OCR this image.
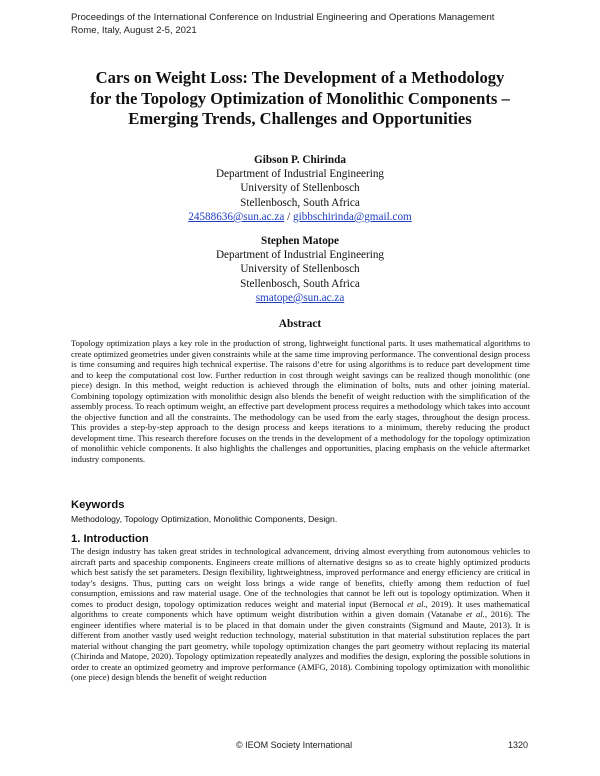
Proceedings of the International Conference on Industrial Engineering and Operations Management
Rome, Italy, August 2-5, 2021
Cars on Weight Loss: The Development of a Methodology
for the Topology Optimization of Monolithic Components –
Emerging Trends, Challenges and Opportunities
Gibson P. Chirinda
Department of Industrial Engineering
University of Stellenbosch
Stellenbosch, South Africa
24588636@sun.ac.za / gibbschirinda@gmail.com
Stephen Matope
Department of Industrial Engineering
University of Stellenbosch
Stellenbosch, South Africa
smatope@sun.ac.za
Abstract
Topology optimization plays a key role in the production of strong, lightweight functional parts. It uses mathematical algorithms to create optimized geometries under given constraints while at the same time improving performance. The conventional design process is time consuming and requires high technical expertise. The raisons d’etre for using algorithms is to reduce part development time and to keep the computational cost low. Further reduction in cost through weight savings can be realized though monolithic (one piece) design. In this method, weight reduction is achieved through the elimination of bolts, nuts and other joining material. Combining topology optimization with monolithic design also blends the benefit of weight reduction with the simplification of the assembly process. To reach optimum weight, an effective part development process requires a methodology which takes into account the objective function and all the constraints. The methodology can be used from the early stages, throughout the design process. This provides a step-by-step approach to the design process and keeps iterations to a minimum, thereby reducing the product development time. This research therefore focuses on the trends in the development of a methodology for the topology optimization of monolithic vehicle components. It also highlights the challenges and opportunities, placing emphasis on the vehicle aftermarket industry components.
Keywords
Methodology, Topology Optimization, Monolithic Components, Design.
1. Introduction
The design industry has taken great strides in technological advancement, driving almost everything from autonomous vehicles to aircraft parts and spaceship components. Engineers create millions of alternative designs so as to create highly optimized products which best satisfy the set parameters. Design flexibility, lightweightness, improved performance and energy efficiency are critical in today’s designs. Thus, putting cars on weight loss brings a wide range of benefits, chiefly among them reduction of fuel consumption, emissions and raw material usage. One of the technologies that cannot be left out is topology optimization. When it comes to product design, topology optimization reduces weight and material input (Bernocal et al., 2019). It uses mathematical algorithms to create components which have optimum weight distribution within a given domain (Vatanabe et al., 2016). The engineer identifies where material is to be placed in that domain under the given constraints (Sigmund and Maute, 2013). It is different from another vastly used weight reduction technology, material substitution in that material substitution replaces the part material without changing the part geometry, while topology optimization changes the part geometry without replacing its material (Chirinda and Matope, 2020). Topology optimization repeatedly analyzes and modifies the design, exploring the possible solutions in order to create an optimized geometry and improve performance (AMFG, 2018). Combining topology optimization with monolithic (one piece) design blends the benefit of weight reduction
© IEOM Society International	1320
